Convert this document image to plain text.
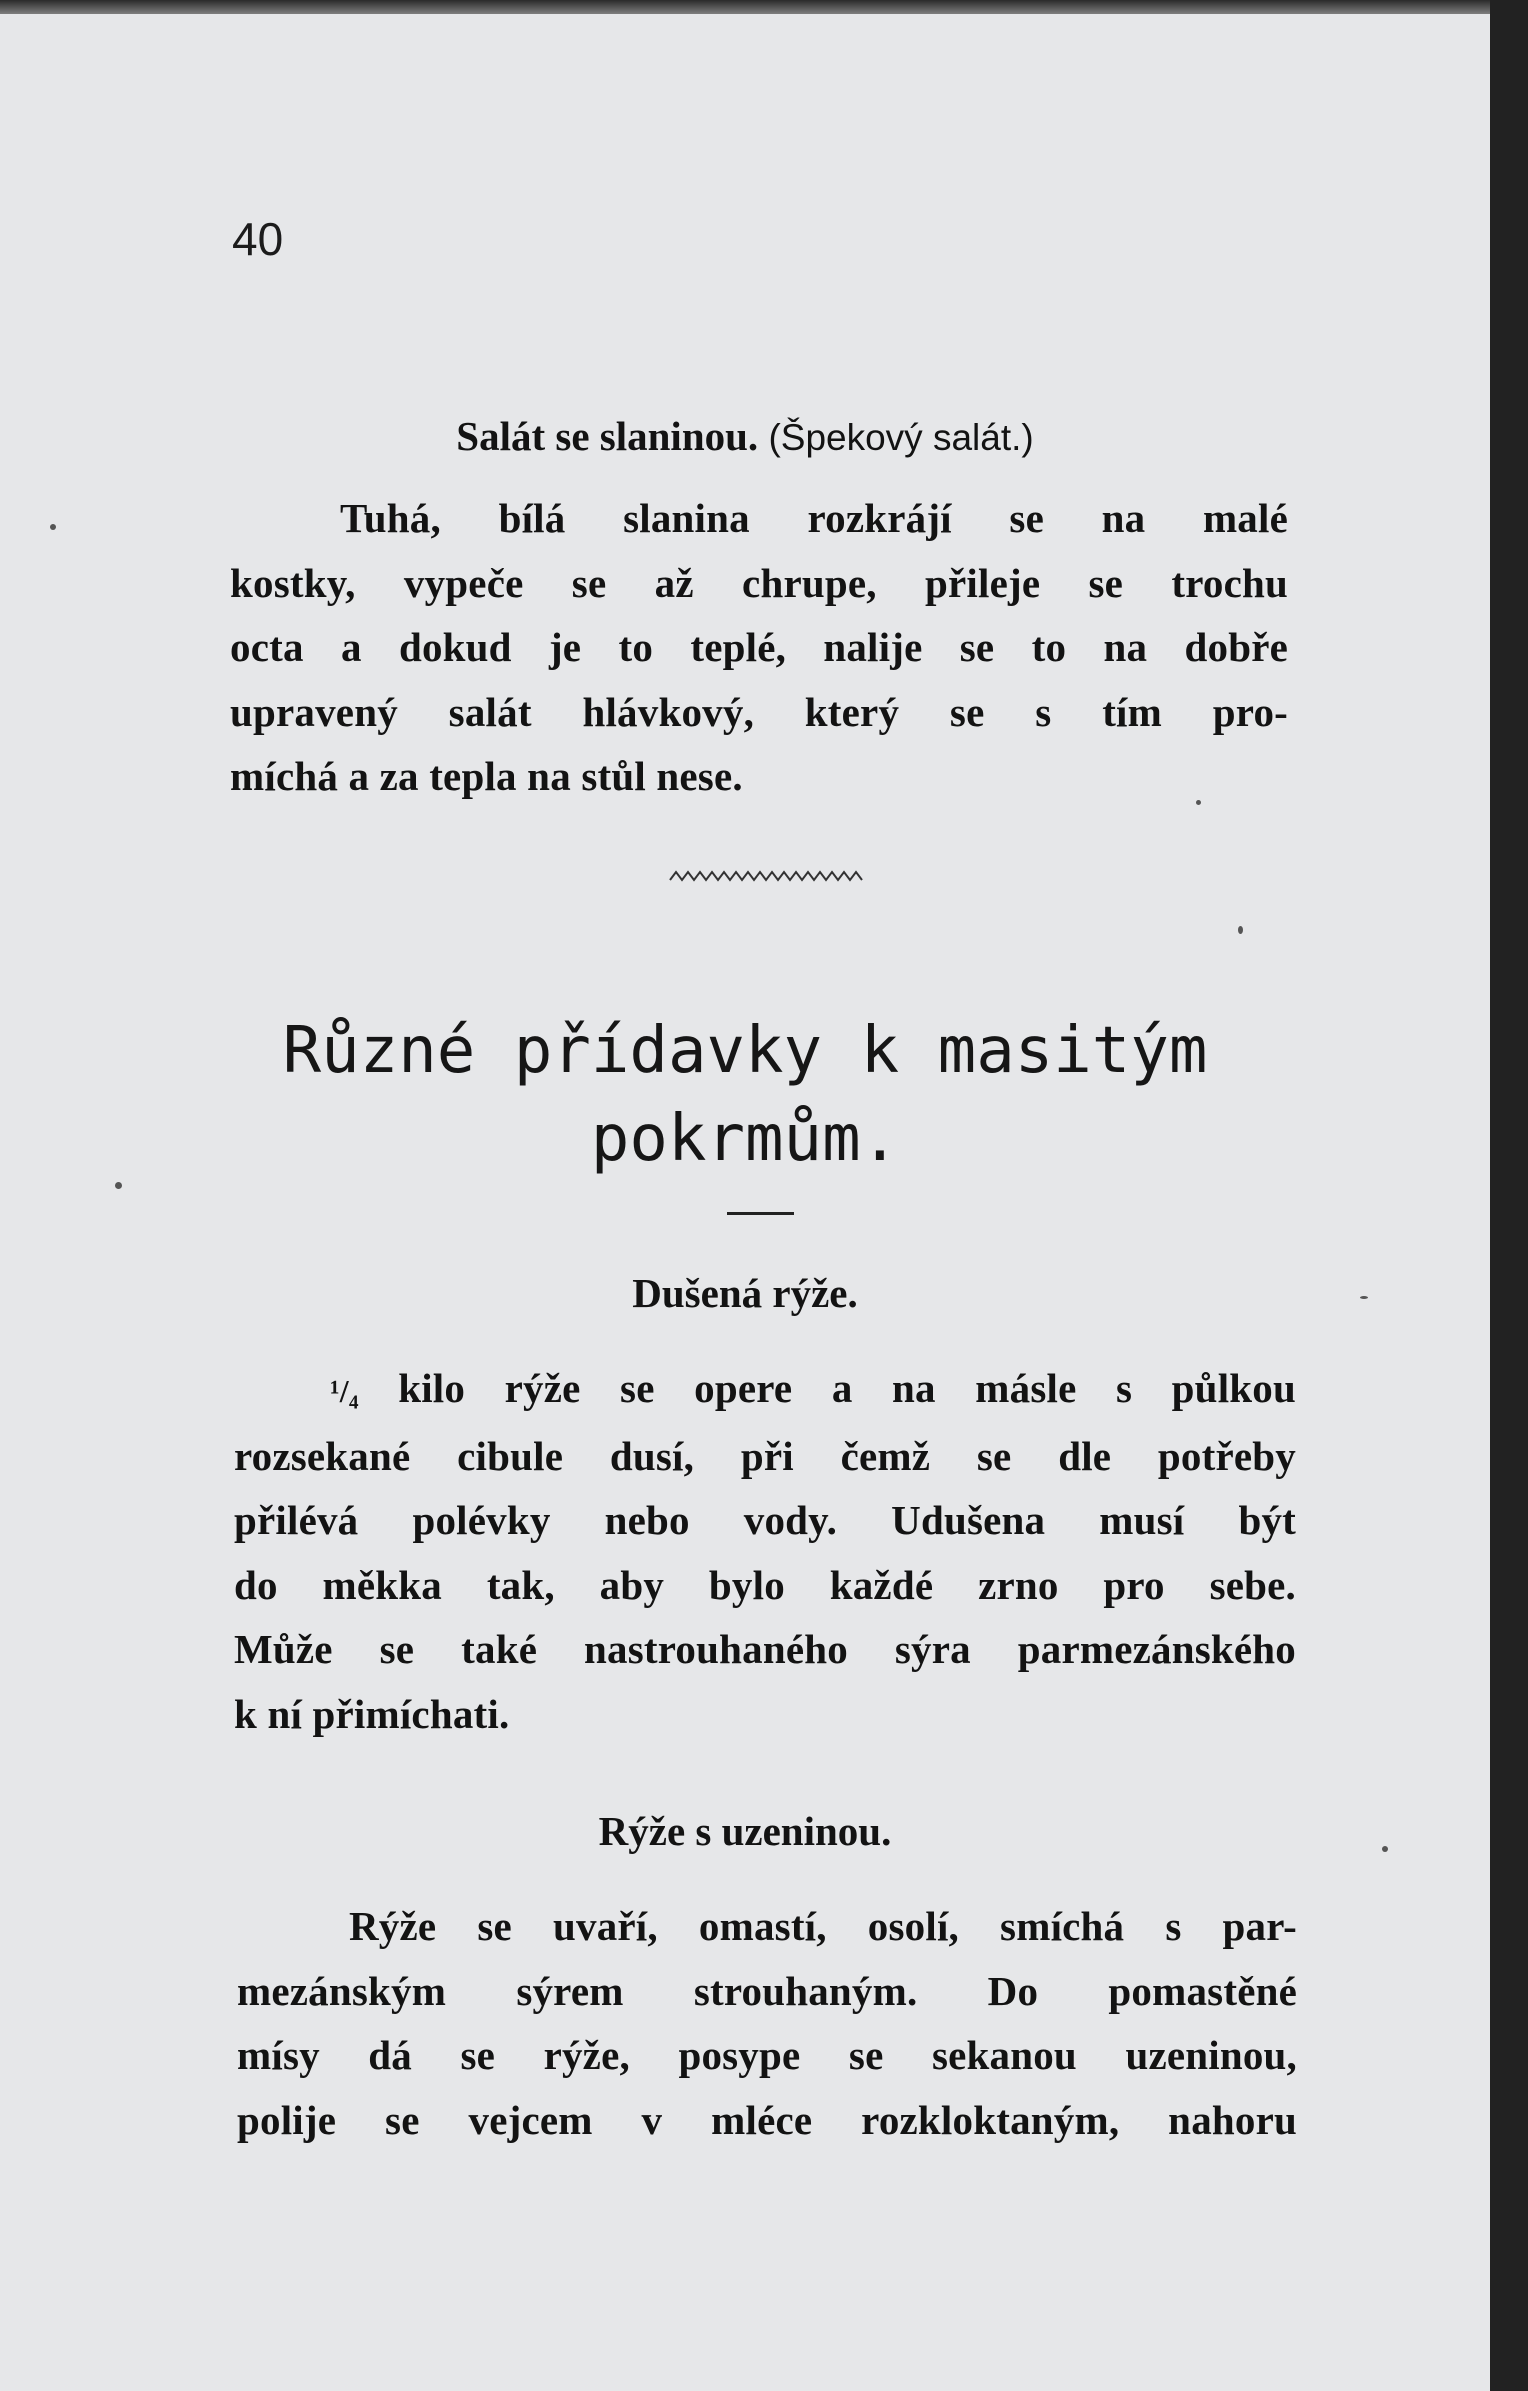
40
Salát se slaninou. (Špekový salát.)
Tuhá, bílá slanina rozkrájí se na malé
kostky, vypeče se až chrupe, přileje se trochu
octa a dokud je to teplé, nalije se to na dobře
upravený salát hlávkový, který se s tím pro-
míchá a za tepla na stůl nese.
Různé přídavky k masitým
pokrmům.
Dušená rýže.
¹/₄ kilo rýže se opere a na másle s půlkou
rozsekané cibule dusí, při čemž se dle potřeby
přilévá polévky nebo vody. Udušena musí být
do měkka tak, aby bylo každé zrno pro sebe.
Může se také nastrouhaného sýra parmezánského
k ní přimíchati.
Rýže s uzeninou.
Rýže se uvaří, omastí, osolí, smíchá s par-
mezánským sýrem strouhaným. Do pomastěné
mísy dá se rýže, posype se sekanou uzeninou,
polije se vejcem v mléce rozkloktaným, nahoru
